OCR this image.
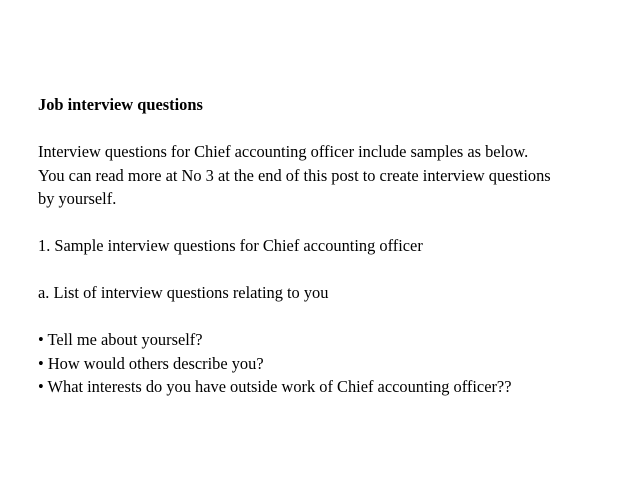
Job interview questions
Interview questions for Chief accounting officer include samples as below.
You can read more at No 3 at the end of this post to create interview questions
by yourself.
1. Sample interview questions for Chief accounting officer
a. List of interview questions relating to you
• Tell me about yourself?
• How would others describe you?
• What interests do you have outside work of Chief accounting officer??
